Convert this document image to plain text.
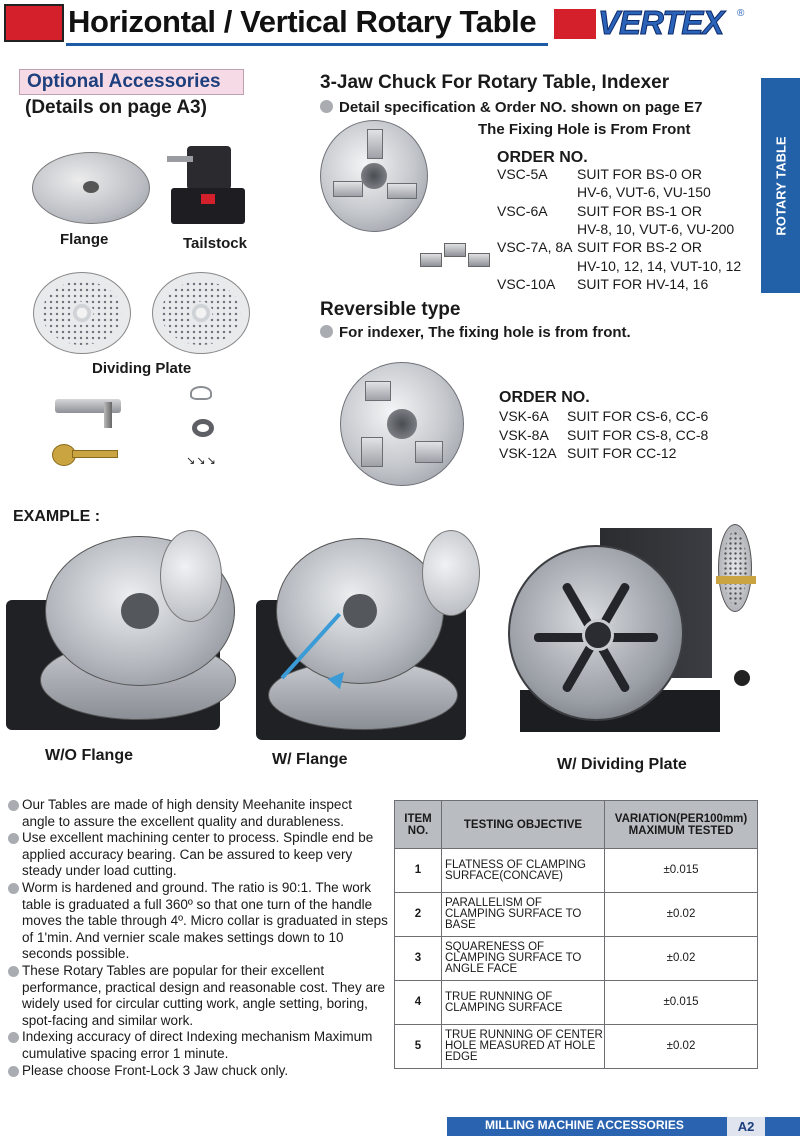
Horizontal / Vertical Rotary Table VERTEX ®
ROTARY TABLE
Optional Accessories
(Details on page A3)
Flange	Tailstock
Dividing Plate
↘ ↘ ↘
3-Jaw Chuck For Rotary Table, Indexer
Detail specification & Order NO. shown on page E7
The Fixing Hole is From Front
ORDER NO.
VSC-5A SUIT FOR BS-0 OR
HV-6, VUT-6, VU-150
VSC-6A SUIT FOR BS-1 OR
HV-8, 10, VUT-6, VU-200
VSC-7A, 8A SUIT FOR BS-2 OR
HV-10, 12, 14, VUT-10, 12
VSC-10A SUIT FOR HV-14, 16
Reversible type
For indexer, The fixing hole is from front.
ORDER NO.
VSK-6A SUIT FOR CS-6, CC-6
VSK-8A SUIT FOR CS-8, CC-8
VSK-12A SUIT FOR CC-12
EXAMPLE :
W/O Flange	W/ Flange	W/ Dividing Plate
Our Tables are made of high density Meehanite inspect angle to assure the excellent quality and durableness.
Use excellent machining center to process. Spindle end be applied accuracy bearing. Can be assured to keep very steady under load cutting.
Worm is hardened and ground. The ratio is 90:1. The work table is graduated a full 360º so that one turn of the handle moves the table through 4º. Micro collar is graduated in steps of 1'min. And vernier scale makes settings down to 10 seconds possible.
These Rotary Tables are popular for their excellent performance, practical design and reasonable cost. They are widely used for circular cutting work, angle setting, boring, spot-facing and similar work.
Indexing accuracy of direct Indexing mechanism Maximum cumulative spacing error 1 minute.
Please choose Front-Lock 3 Jaw chuck only.
ITEM NO.	TESTING OBJECTIVE	VARIATION(PER100mm) MAXIMUM TESTED
1	FLATNESS OF CLAMPING SURFACE(CONCAVE)	±0.015
2	PARALLELISM OF CLAMPING SURFACE TO BASE	±0.02
3	SQUARENESS OF CLAMPING SURFACE TO ANGLE FACE	±0.02
4	TRUE RUNNING OF CLAMPING SURFACE	±0.015
5	TRUE RUNNING OF CENTER HOLE MEASURED AT HOLE EDGE	±0.02
MILLING MACHINE ACCESSORIES	A2
